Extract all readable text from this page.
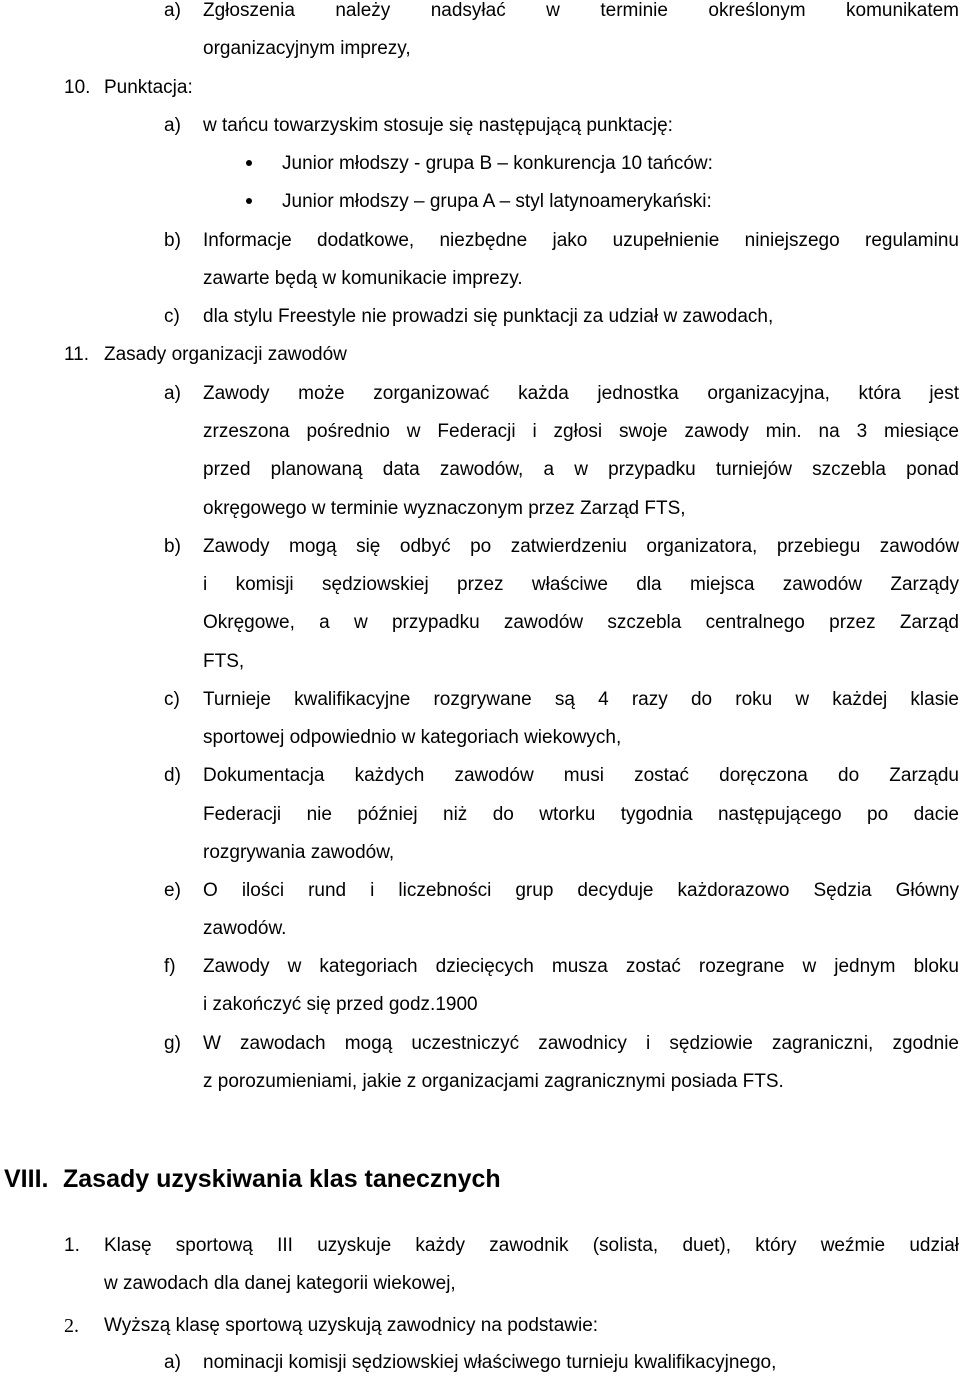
a) Zgłoszenia należy nadsyłać w terminie określonym komunikatem
organizacyjnym imprezy,
10. Punktacja:
a) w tańcu towarzyskim stosuje się następującą punktację:
Junior młodszy - grupa B – konkurencja 10 tańców:
Junior młodszy – grupa A – styl latynoamerykański:
b) Informacje dodatkowe, niezbędne jako uzupełnienie niniejszego regulaminu
zawarte będą w komunikacie imprezy.
c) dla stylu Freestyle nie prowadzi się punktacji za udział w zawodach,
11. Zasady organizacji zawodów
a) Zawody może zorganizować każda jednostka organizacyjna, która jest
zrzeszona pośrednio w Federacji i zgłosi swoje zawody min. na 3 miesiące
przed planowaną data zawodów, a w przypadku turniejów szczebla ponad
okręgowego w terminie wyznaczonym przez Zarząd FTS,
b) Zawody mogą się odbyć po zatwierdzeniu organizatora, przebiegu zawodów
i komisji sędziowskiej przez właściwe dla miejsca zawodów Zarządy
Okręgowe, a w przypadku zawodów szczebla centralnego przez Zarząd
FTS,
c) Turnieje kwalifikacyjne rozgrywane są 4 razy do roku w każdej klasie
sportowej odpowiednio w kategoriach wiekowych,
d) Dokumentacja każdych zawodów musi zostać doręczona do Zarządu
Federacji nie później niż do wtorku tygodnia następującego po dacie
rozgrywania zawodów,
e) O ilości rund i liczebności grup decyduje każdorazowo Sędzia Główny
zawodów.
f) Zawody w kategoriach dziecięcych musza zostać rozegrane w jednym bloku
i zakończyć się przed godz.1900
g) W zawodach mogą uczestniczyć zawodnicy i sędziowie zagraniczni, zgodnie
z porozumieniami, jakie z organizacjami zagranicznymi posiada FTS.
VIII. Zasady uzyskiwania klas tanecznych
1. Klasę sportową III uzyskuje każdy zawodnik (solista, duet), który weźmie udział
w zawodach dla danej kategorii wiekowej,
2. Wyższą klasę sportową uzyskują zawodnicy na podstawie:
a) nominacji komisji sędziowskiej właściwego turnieju kwalifikacyjnego,
